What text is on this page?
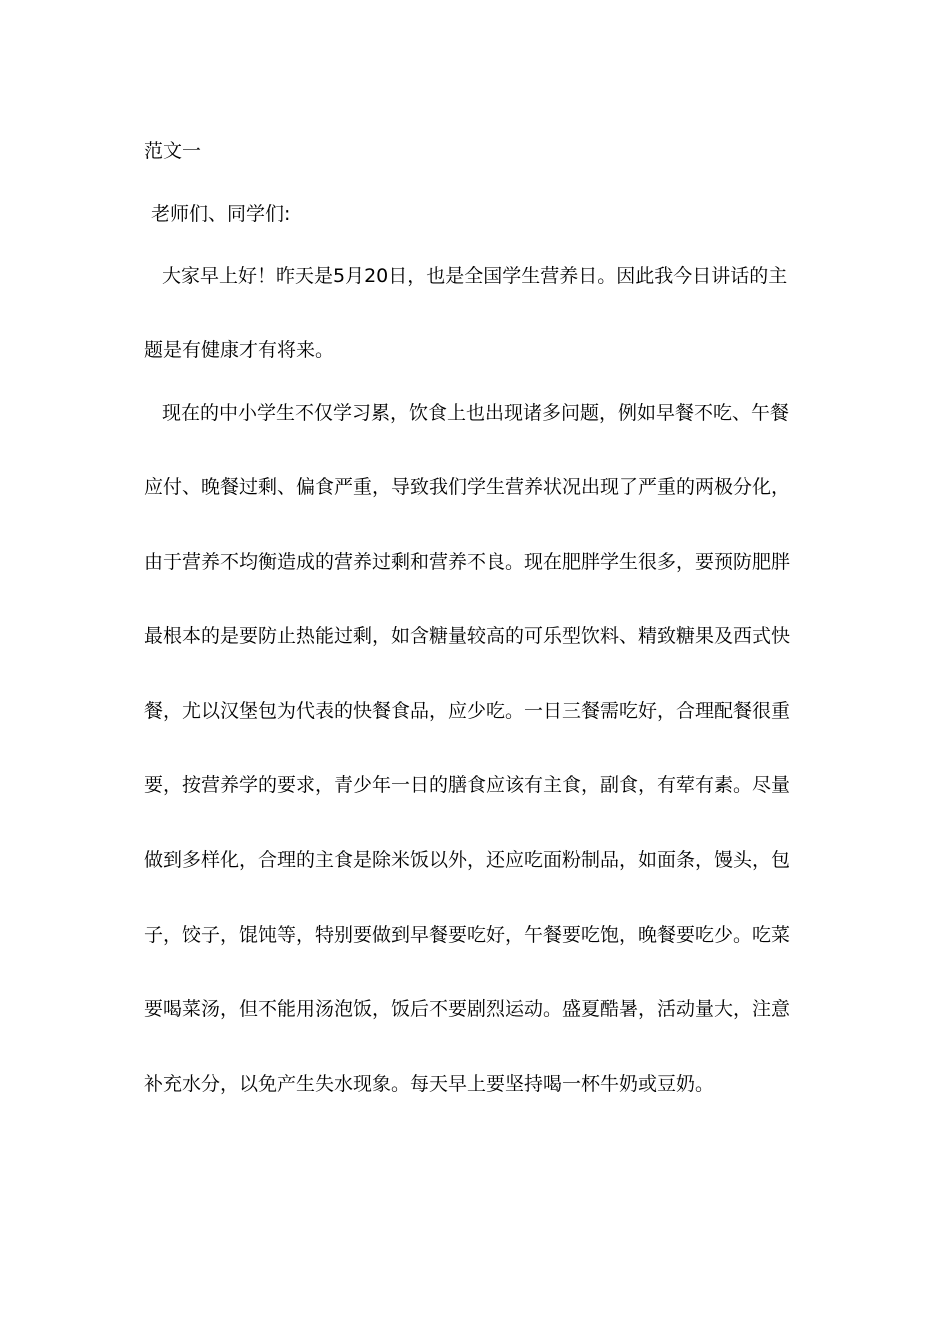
范文一
老师们、同学们:
大家早上好！昨天是5月20日，也是全国学生营养日。因此我今日讲话的主
题是有健康才有将来。
现在的中小学生不仅学习累，饮食上也出现诸多问题，例如早餐不吃、午餐
应付、晚餐过剩、偏食严重，导致我们学生营养状况出现了严重的两极分化，
由于营养不均衡造成的营养过剩和营养不良。现在肥胖学生很多，要预防肥胖
最根本的是要防止热能过剩，如含糖量较高的可乐型饮料、精致糖果及西式快
餐，尤以汉堡包为代表的快餐食品，应少吃。一日三餐需吃好，合理配餐很重
要，按营养学的要求，青少年一日的膳食应该有主食，副食，有荤有素。尽量
做到多样化，合理的主食是除米饭以外，还应吃面粉制品，如面条，馒头，包
子，饺子，馄饨等，特别要做到早餐要吃好，午餐要吃饱，晚餐要吃少。吃菜
要喝菜汤，但不能用汤泡饭，饭后不要剧烈运动。盛夏酷暑，活动量大，注意
补充水分，以免产生失水现象。每天早上要坚持喝一杯牛奶或豆奶。
